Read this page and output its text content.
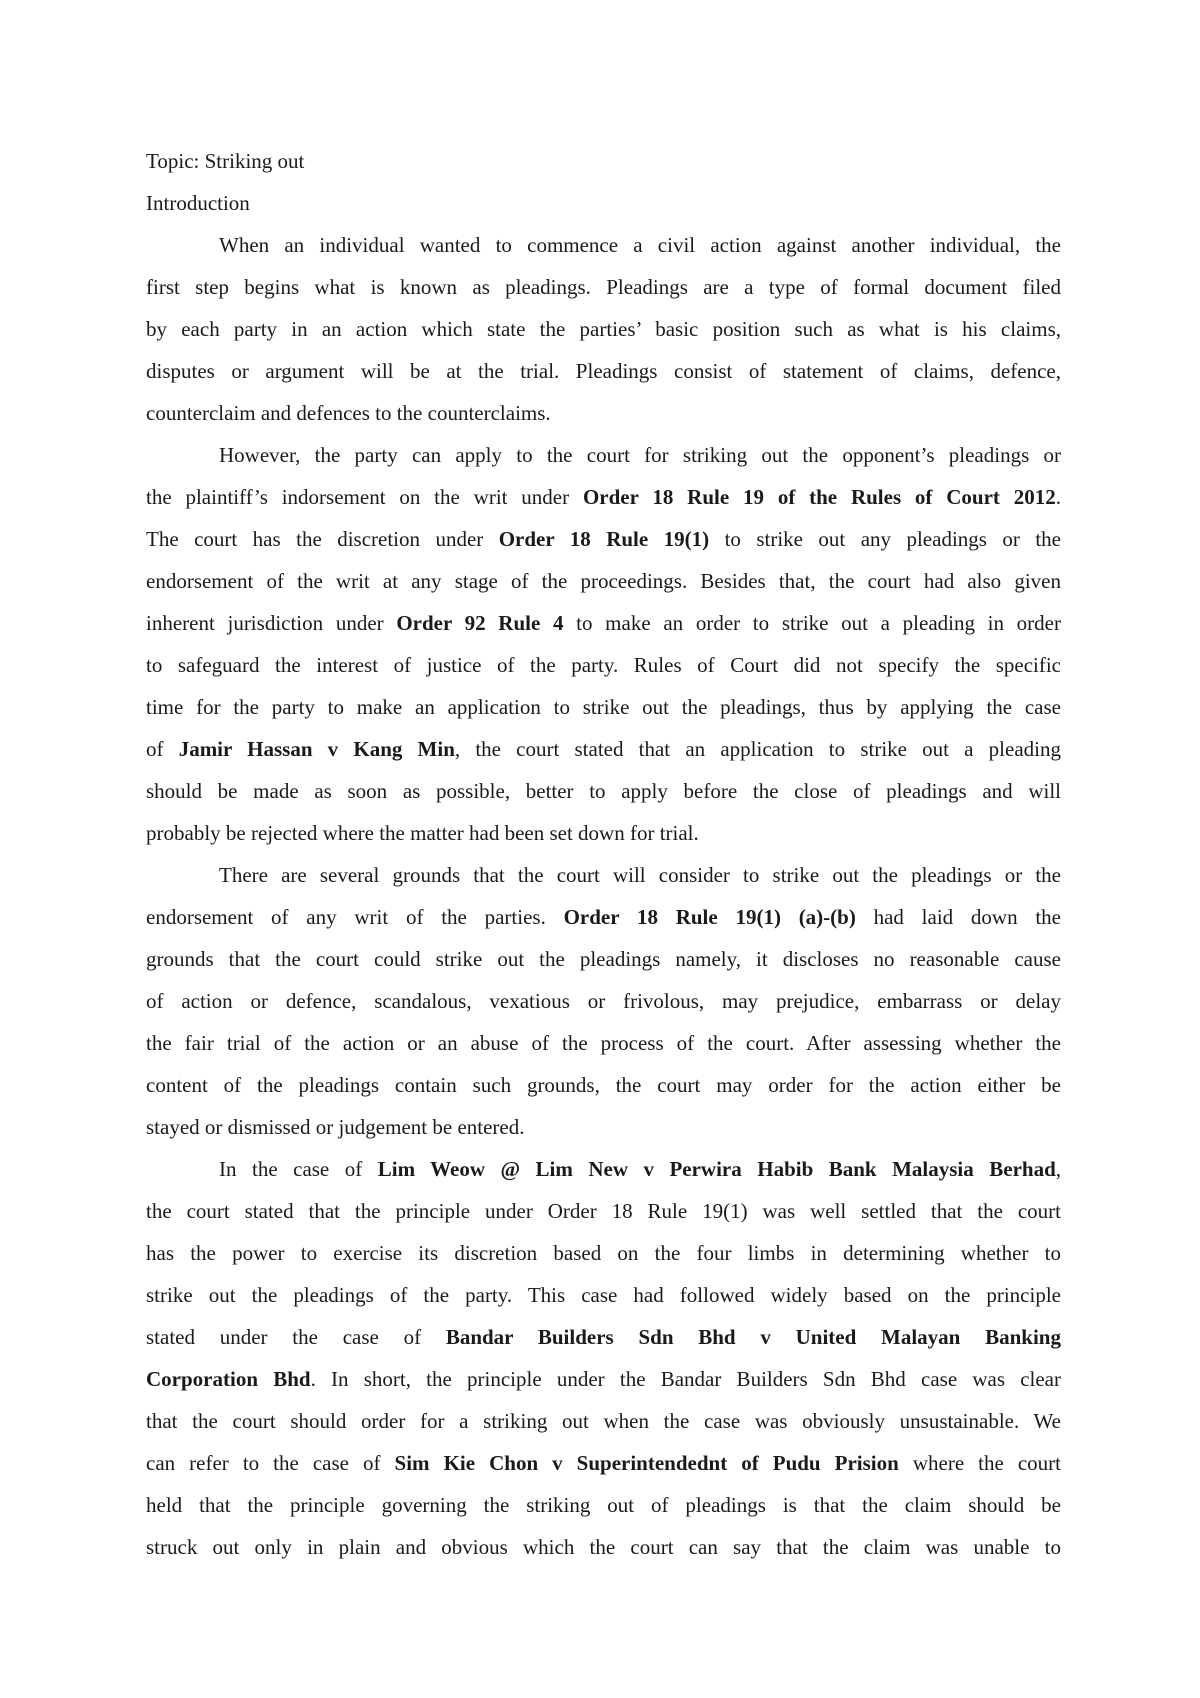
Topic: Striking out
Introduction
When an individual wanted to commence a civil action against another individual, the
first step begins what is known as pleadings. Pleadings are a type of formal document filed
by each party in an action which state the parties’ basic position such as what is his claims,
disputes or argument will be at the trial. Pleadings consist of statement of claims, defence,
counterclaim and defences to the counterclaims.
However, the party can apply to the court for striking out the opponent’s pleadings or
the plaintiff’s indorsement on the writ under Order 18 Rule 19 of the Rules of Court 2012.
The court has the discretion under Order 18 Rule 19(1) to strike out any pleadings or the
endorsement of the writ at any stage of the proceedings. Besides that, the court had also given
inherent jurisdiction under Order 92 Rule 4 to make an order to strike out a pleading in order
to safeguard the interest of justice of the party. Rules of Court did not specify the specific
time for the party to make an application to strike out the pleadings, thus by applying the case
of Jamir Hassan v Kang Min, the court stated that an application to strike out a pleading
should be made as soon as possible, better to apply before the close of pleadings and will
probably be rejected where the matter had been set down for trial.
There are several grounds that the court will consider to strike out the pleadings or the
endorsement of any writ of the parties. Order 18 Rule 19(1) (a)-(b) had laid down the
grounds that the court could strike out the pleadings namely, it discloses no reasonable cause
of action or defence, scandalous, vexatious or frivolous, may prejudice, embarrass or delay
the fair trial of the action or an abuse of the process of the court. After assessing whether the
content of the pleadings contain such grounds, the court may order for the action either be
stayed or dismissed or judgement be entered.
In the case of Lim Weow @ Lim New v Perwira Habib Bank Malaysia Berhad,
the court stated that the principle under Order 18 Rule 19(1) was well settled that the court
has the power to exercise its discretion based on the four limbs in determining whether to
strike out the pleadings of the party. This case had followed widely based on the principle
stated under the case of Bandar Builders Sdn Bhd v United Malayan Banking
Corporation Bhd. In short, the principle under the Bandar Builders Sdn Bhd case was clear
that the court should order for a striking out when the case was obviously unsustainable. We
can refer to the case of Sim Kie Chon v Superintendednt of Pudu Prision where the court
held that the principle governing the striking out of pleadings is that the claim should be
struck out only in plain and obvious which the court can say that the claim was unable to
